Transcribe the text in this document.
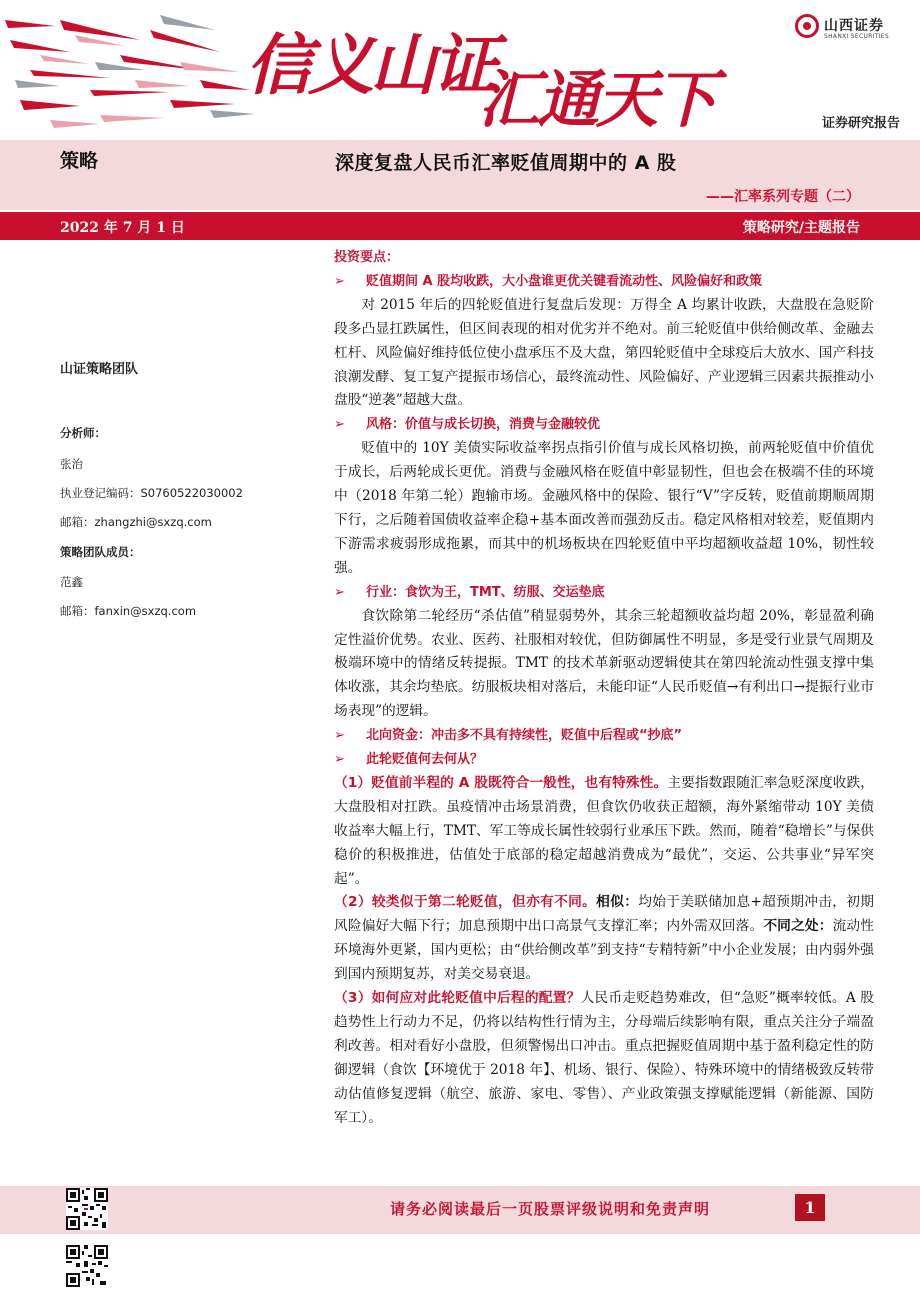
信义山证
汇通天下
山西证券
SHANXI SECURITIES
证券研究报告
策略	深度复盘人民币汇率贬值周期中的 A 股
——汇率系列专题（二）
2022 年 7 月 1 日	策略研究/主题报告
山证策略团队
分析师：
张治
执业登记编码：S0760522030002
邮箱：zhangzhi@sxzq.com
策略团队成员：
范鑫
邮箱：fanxin@sxzq.com
投资要点：
➢	贬值期间 A 股均收跌，大小盘谁更优关键看流动性、风险偏好和政策

对 2015 年后的四轮贬值进行复盘后发现：万得全 A 均累计收跌，大盘股在急贬阶段多凸显扛跌属性，但区间表现的相对优劣并不绝对。前三轮贬值中供给侧改革、金融去杠杆、风险偏好维持低位使小盘承压不及大盘，第四轮贬值中全球疫后大放水、国产科技浪潮发酵、复工复产提振市场信心，最终流动性、风险偏好、产业逻辑三因素共振推动小盘股“逆袭”超越大盘。

➢	风格：价值与成长切换，消费与金融较优

贬值中的 10Y 美债实际收益率拐点指引价值与成长风格切换，前两轮贬值中价值优于成长，后两轮成长更优。消费与金融风格在贬值中彰显韧性，但也会在极端不佳的环境中（2018 年第二轮）跑输市场。金融风格中的保险、银行“V”字反转，贬值前期顺周期下行，之后随着国债收益率企稳+基本面改善而强劲反击。稳定风格相对较差，贬值期内下游需求疲弱形成拖累，而其中的机场板块在四轮贬值中平均超额收益超 10%，韧性较强。

➢	行业：食饮为王，TMT、纺服、交运垫底

食饮除第二轮经历“杀估值”稍显弱势外，其余三轮超额收益均超 20%，彰显盈利确定性溢价优势。农业、医药、社服相对较优，但防御属性不明显，多是受行业景气周期及极端环境中的情绪反转提振。TMT 的技术革新驱动逻辑使其在第四轮流动性强支撑中集体收涨，其余均垫底。纺服板块相对落后，未能印证“人民币贬值→有利出口→提振行业市场表现”的逻辑。

➢	北向资金：冲击多不具有持续性，贬值中后程或“抄底”
➢	此轮贬值何去何从？

（1）贬值前半程的 A 股既符合一般性，也有特殊性。主要指数跟随汇率急贬深度收跌，大盘股相对扛跌。虽疫情冲击场景消费，但食饮仍收获正超额，海外紧缩带动 10Y 美债收益率大幅上行，TMT、军工等成长属性较弱行业承压下跌。然而，随着“稳增长”与保供稳价的积极推进，估值处于底部的稳定超越消费成为“最优”，交运、公共事业“异军突起”。

（2）较类似于第二轮贬值，但亦有不同。相似：均始于美联储加息+超预期冲击，初期风险偏好大幅下行；加息预期中出口高景气支撑汇率；内外需双回落。不同之处：流动性环境海外更紧，国内更松；由“供给侧改革”到支持“专精特新”中小企业发展；由内弱外强到国内预期复苏，对美交易衰退。

（3）如何应对此轮贬值中后程的配置？人民币走贬趋势难改，但“急贬”概率较低。A 股趋势性上行动力不足，仍将以结构性行情为主，分母端后续影响有限，重点关注分子端盈利改善。相对看好小盘股，但须警惕出口冲击。重点把握贬值周期中基于盈利稳定性的防御逻辑（食饮【环境优于 2018 年】、机场、银行、保险）、特殊环境中的情绪极致反转带动估值修复逻辑（航空、旅游、家电、零售）、产业政策强支撑赋能逻辑（新能源、国防军工）。

请务必阅读最后一页股票评级说明和免责声明	1
